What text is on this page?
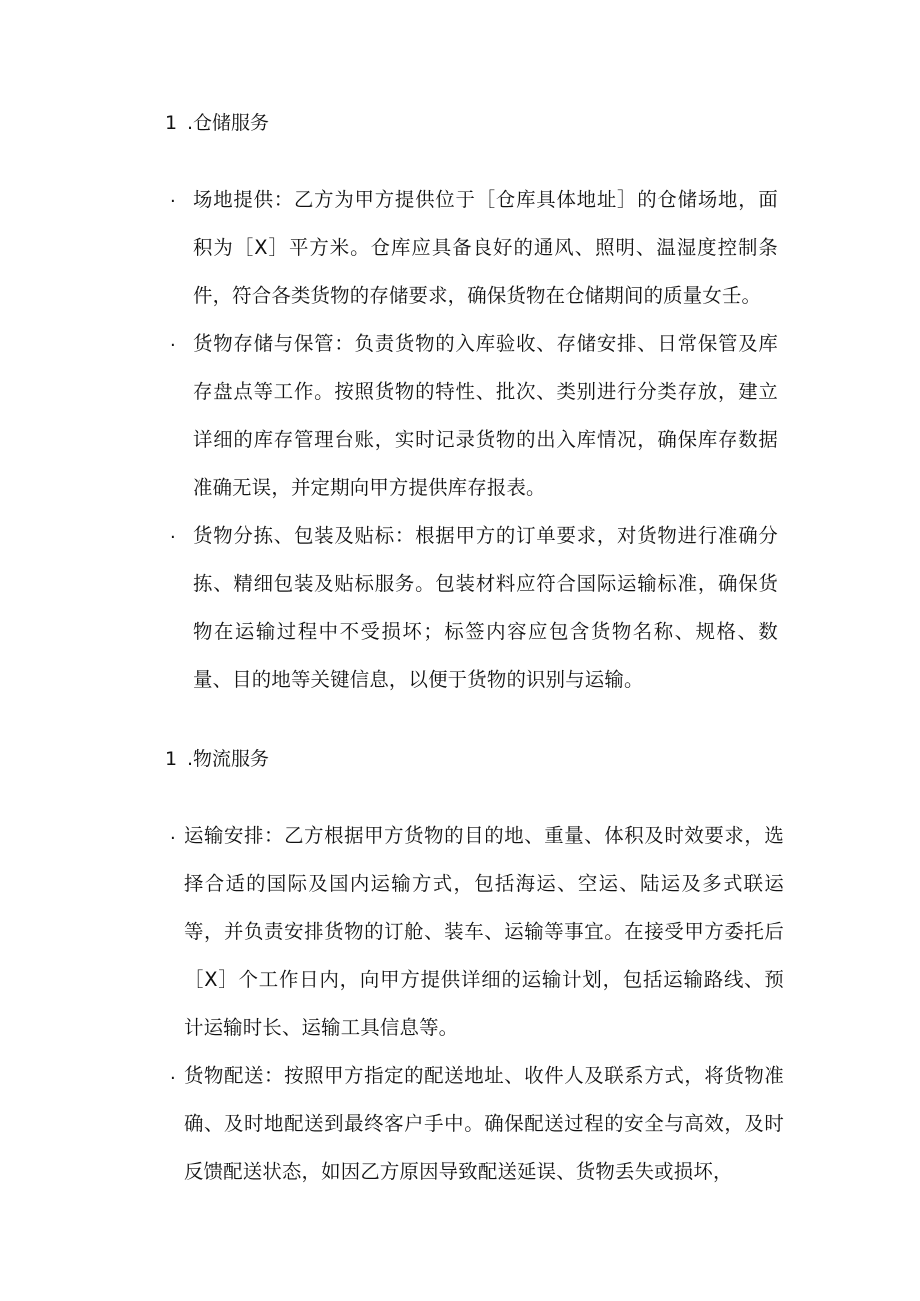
1 .仓储服务
· 场地提供：乙方为甲方提供位于［仓库具体地址］的仓储场地，面积为［X］平方米。仓库应具备良好的通风、照明、温湿度控制条件，符合各类货物的存储要求，确保货物在仓储期间的质量女壬。
· 货物存储与保管：负责货物的入库验收、存储安排、日常保管及库存盘点等工作。按照货物的特性、批次、类别进行分类存放，建立详细的库存管理台账，实时记录货物的出入库情况，确保库存数据准确无误，并定期向甲方提供库存报表。
· 货物分拣、包装及贴标：根据甲方的订单要求，对货物进行准确分拣、精细包装及贴标服务。包装材料应符合国际运输标准，确保货物在运输过程中不受损坏；标签内容应包含货物名称、规格、数量、目的地等关键信息，以便于货物的识别与运输。
1 .物流服务
· 运输安排：乙方根据甲方货物的目的地、重量、体积及时效要求，选择合适的国际及国内运输方式，包括海运、空运、陆运及多式联运等，并负责安排货物的订舱、装车、运输等事宜。在接受甲方委托后［X］个工作日内，向甲方提供详细的运输计划，包括运输路线、预计运输时长、运输工具信息等。
· 货物配送：按照甲方指定的配送地址、收件人及联系方式，将货物准确、及时地配送到最终客户手中。确保配送过程的安全与高效，及时反馈配送状态，如因乙方原因导致配送延误、货物丢失或损坏，
